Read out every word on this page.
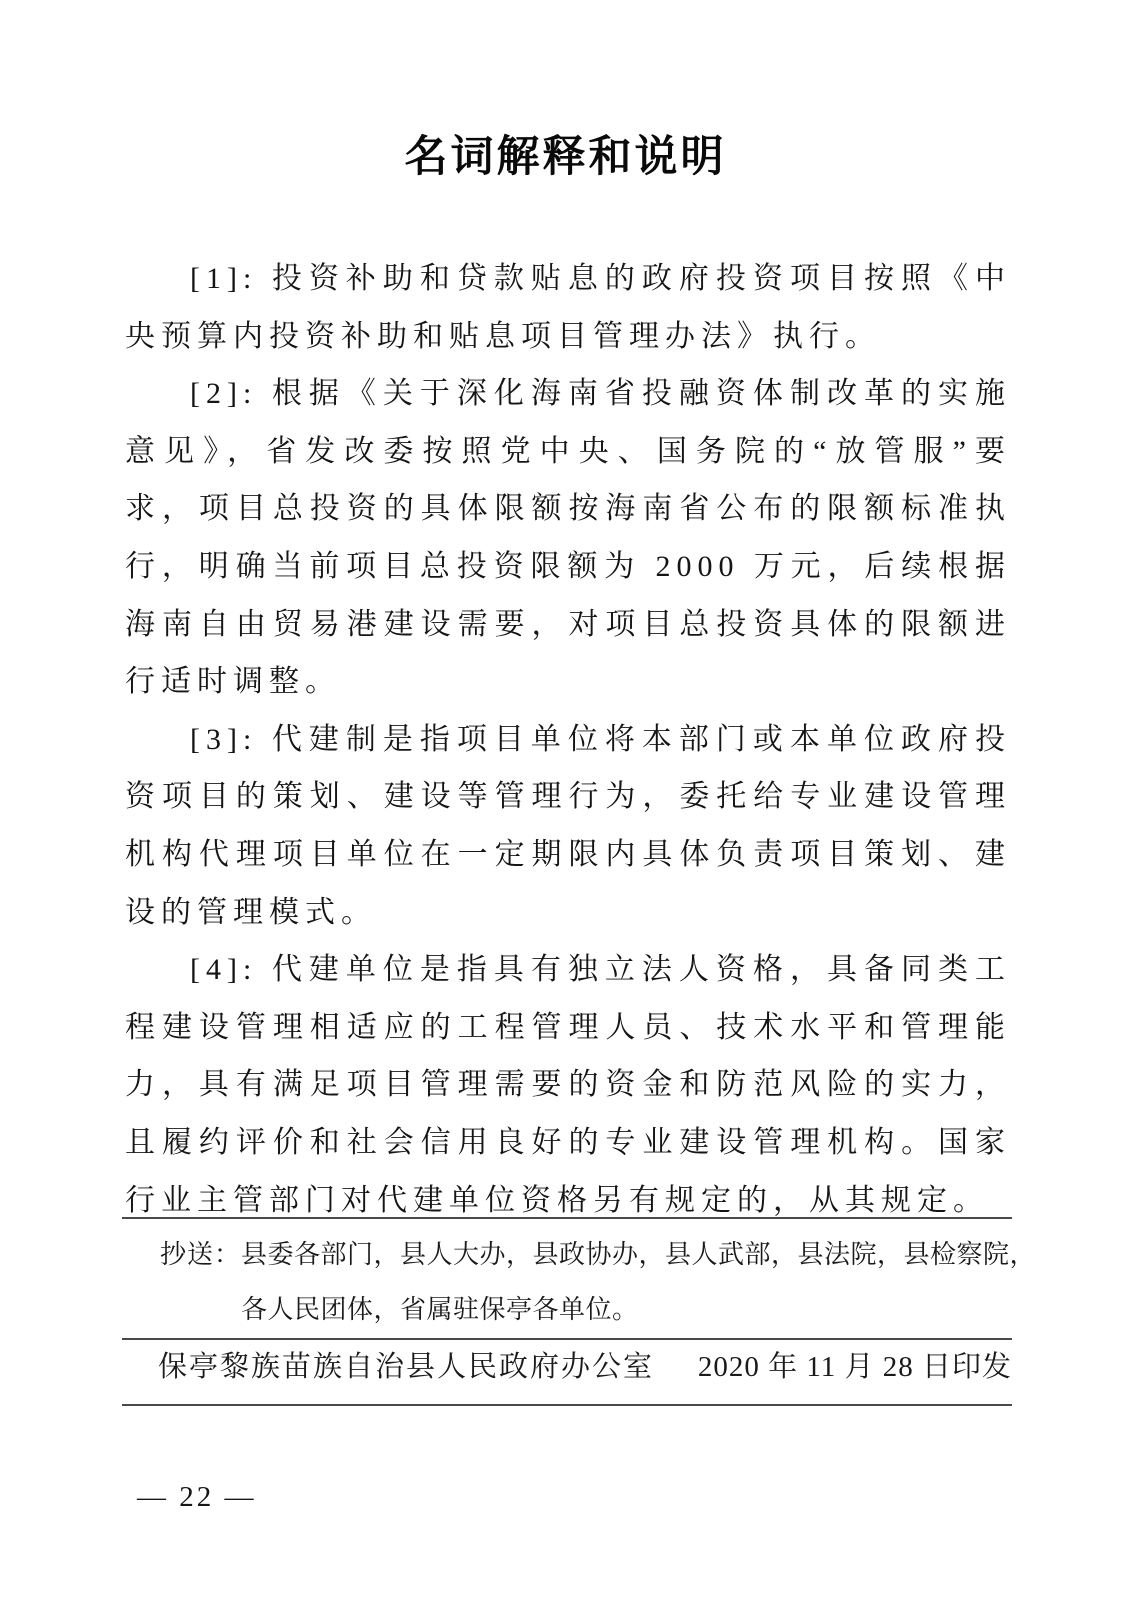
名词解释和说明

[1]: 投资补助和贷款贴息的政府投资项目按照《中央预算内投资补助和贴息项目管理办法》执行。

[2]: 根据《关于深化海南省投融资体制改革的实施意见》，省发改委按照党中央、国务院的“放管服”要求，项目总投资的具体限额按海南省公布的限额标准执行，明确当前项目总投资限额为 2000 万元，后续根据海南自由贸易港建设需要，对项目总投资具体的限额进行适时调整。

[3]: 代建制是指项目单位将本部门或本单位政府投资项目的策划、建设等管理行为，委托给专业建设管理机构代理项目单位在一定期限内具体负责项目策划、建设的管理模式。

[4]: 代建单位是指具有独立法人资格，具备同类工程建设管理相适应的工程管理人员、技术水平和管理能力，具有满足项目管理需要的资金和防范风险的实力，且履约评价和社会信用良好的专业建设管理机构。国家行业主管部门对代建单位资格另有规定的，从其规定。

抄送： 县委各部门，县人大办，县政协办，县人武部，县法院，县检察院，
各人民团体，省属驻保亭各单位。
保亭黎族苗族自治县人民政府办公室 2020 年 11 月 28 日印发
— 22 —
